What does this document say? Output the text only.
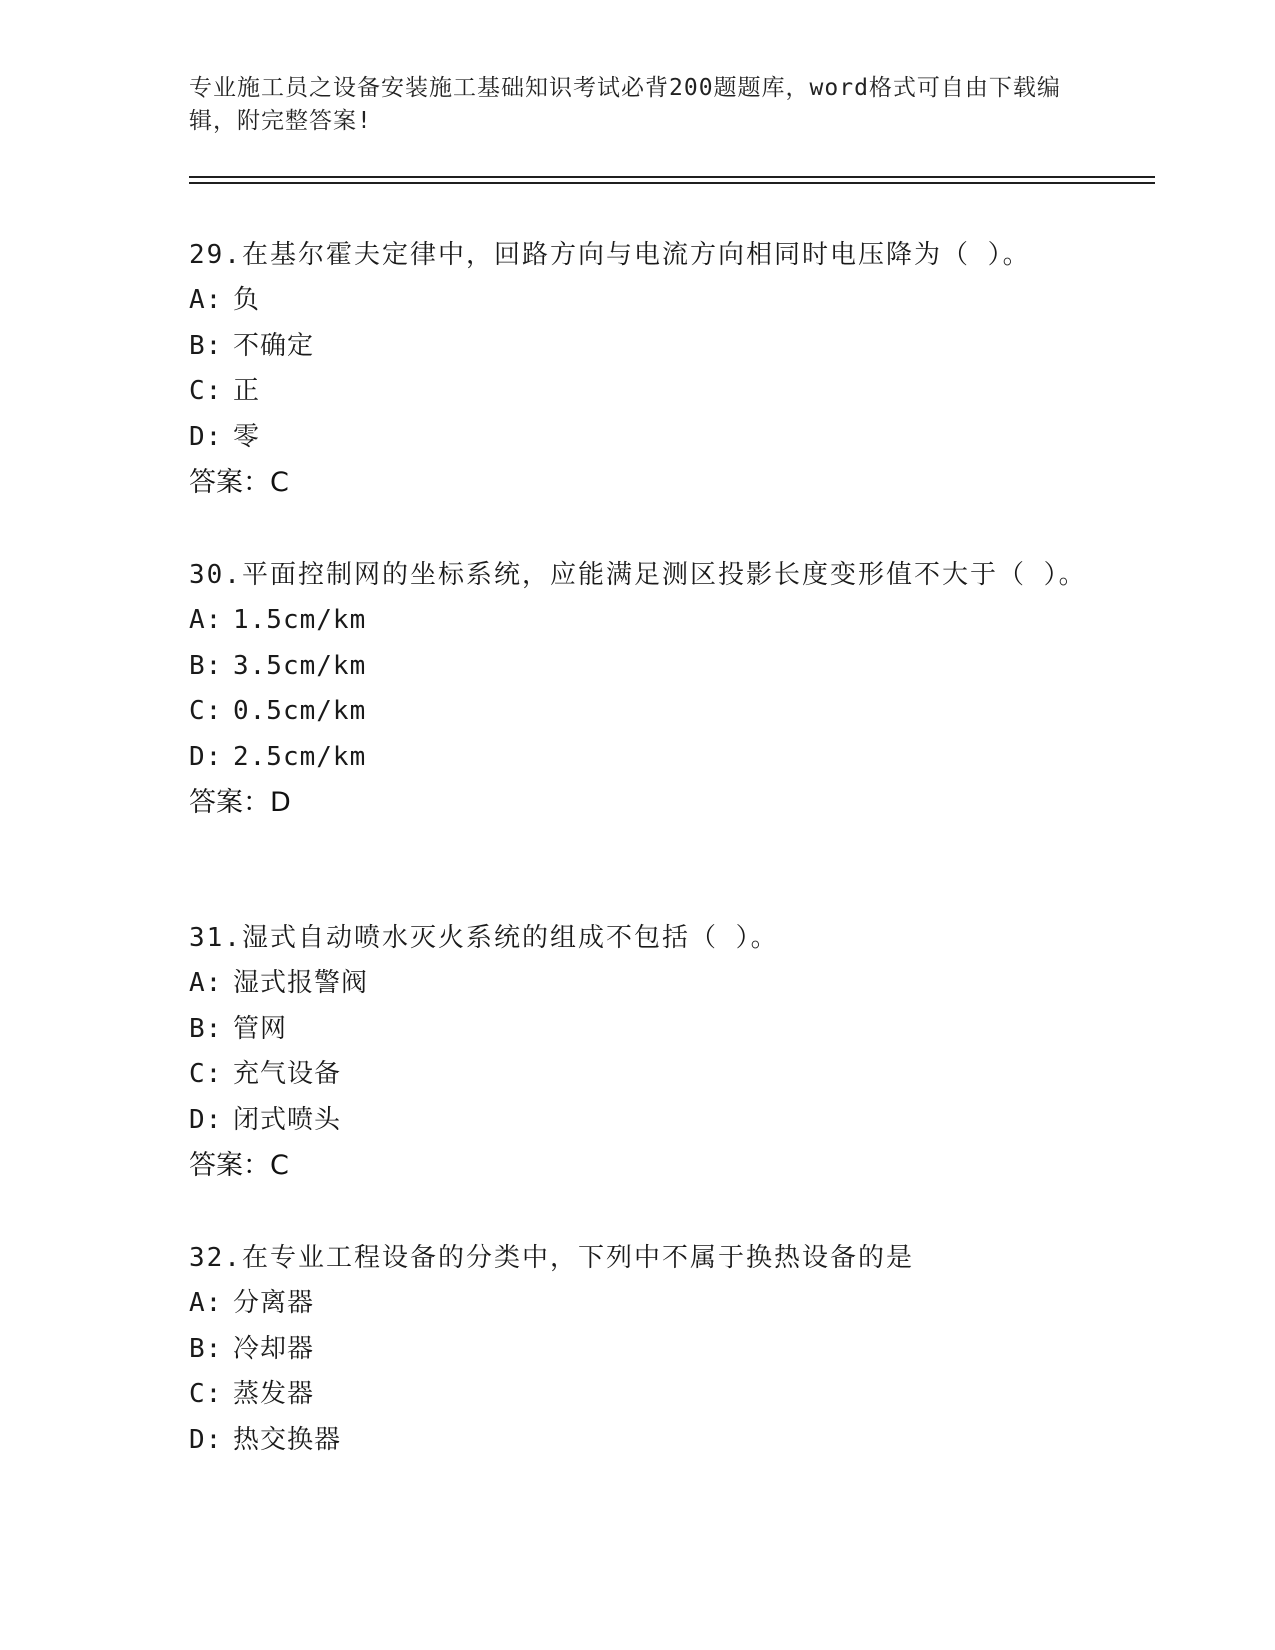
专业施工员之设备安装施工基础知识考试必背200题题库，word格式可自由下载编辑，附完整答案!
29.在基尔霍夫定律中，回路方向与电流方向相同时电压降为（ ）。
A: 负
B: 不确定
C: 正
D: 零
答案：C
30.平面控制网的坐标系统，应能满足测区投影长度变形值不大于（ ）。
A: 1.5cm/km
B: 3.5cm/km
C: 0.5cm/km
D: 2.5cm/km
答案：D
31.湿式自动喷水灭火系统的组成不包括（ ）。
A: 湿式报警阀
B: 管网
C: 充气设备
D: 闭式喷头
答案：C
32.在专业工程设备的分类中，下列中不属于换热设备的是
A: 分离器
B: 冷却器
C: 蒸发器
D: 热交换器
